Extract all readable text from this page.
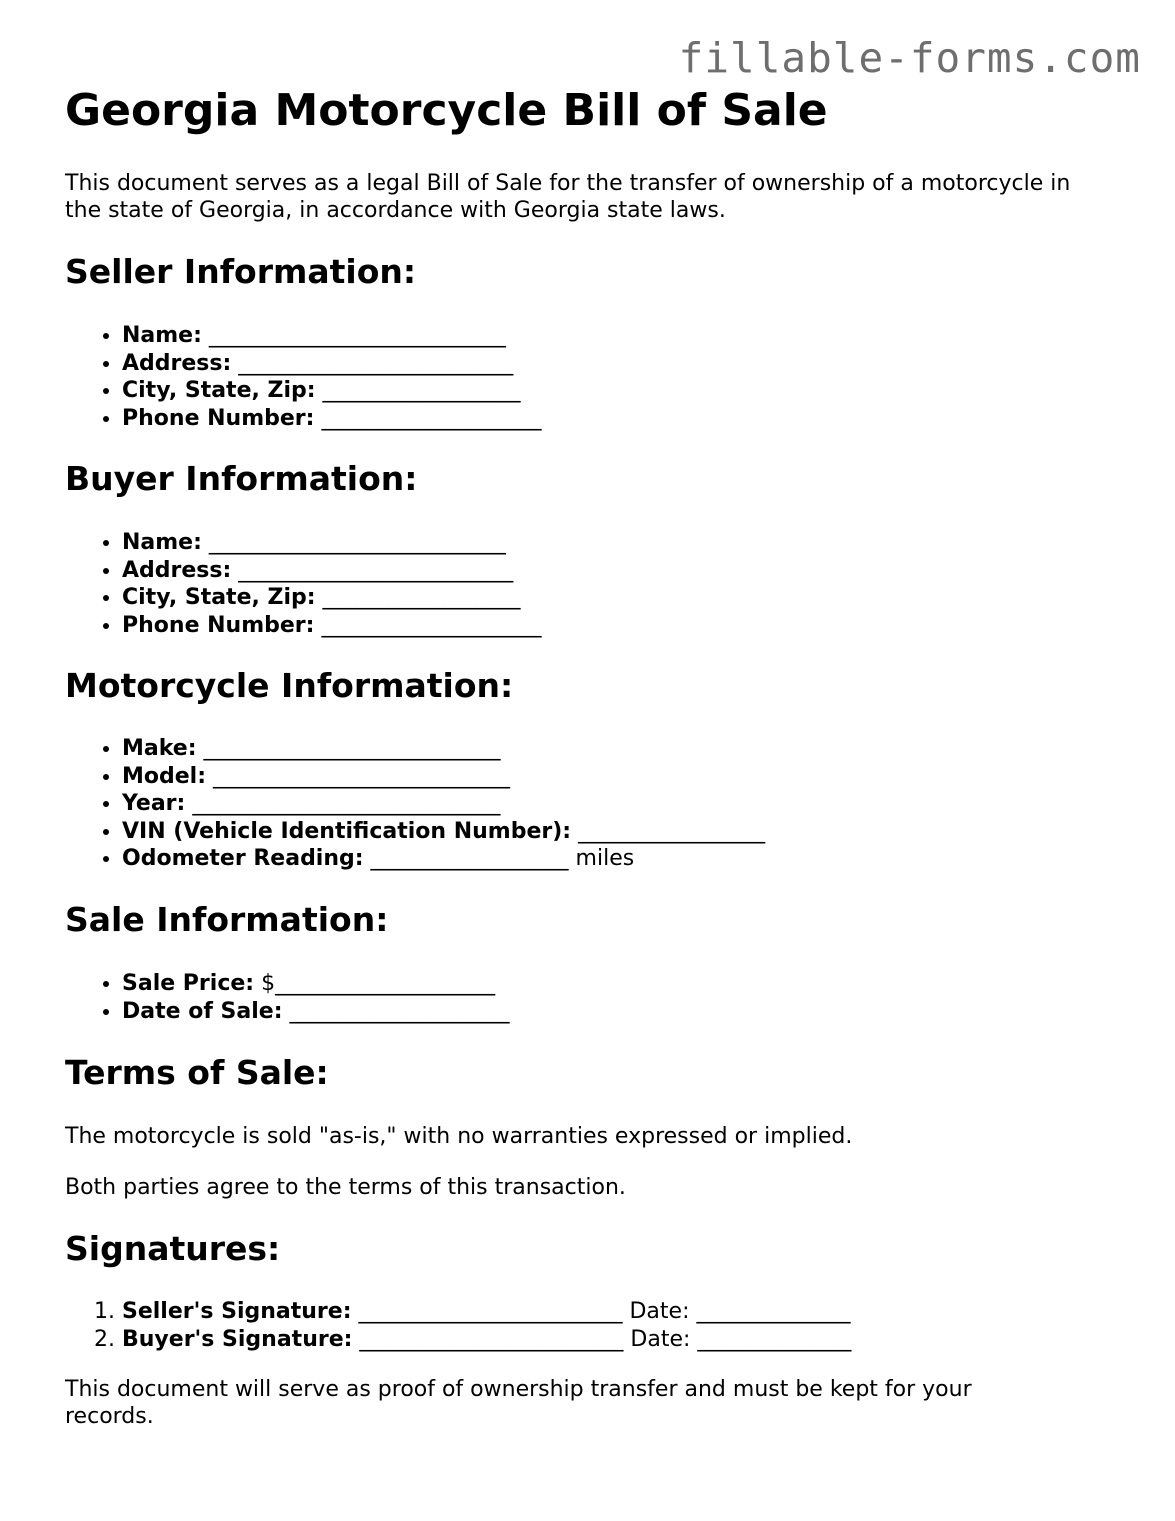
fillable-forms.com
Georgia Motorcycle Bill of Sale

This document serves as a legal Bill of Sale for the transfer of ownership of a motorcycle in the state of Georgia, in accordance with Georgia state laws.

Seller Information:
• Name: ___________________________
• Address: _________________________
• City, State, Zip: __________________
• Phone Number: ____________________
Buyer Information:
• Name: ___________________________
• Address: _________________________
• City, State, Zip: __________________
• Phone Number: ____________________
Motorcycle Information:
• Make: ___________________________
• Model: ___________________________
• Year: ____________________________
• VIN (Vehicle Identification Number): _________________
• Odometer Reading: __________________ miles
Sale Information:
• Sale Price: $____________________
• Date of Sale: ____________________
Terms of Sale:

The motorcycle is sold "as-is," with no warranties expressed or implied.

Both parties agree to the terms of this transaction.

Signatures:
1. Seller's Signature: ________________________ Date: ______________
2. Buyer's Signature: ________________________ Date: ______________

This document will serve as proof of ownership transfer and must be kept for your records.
